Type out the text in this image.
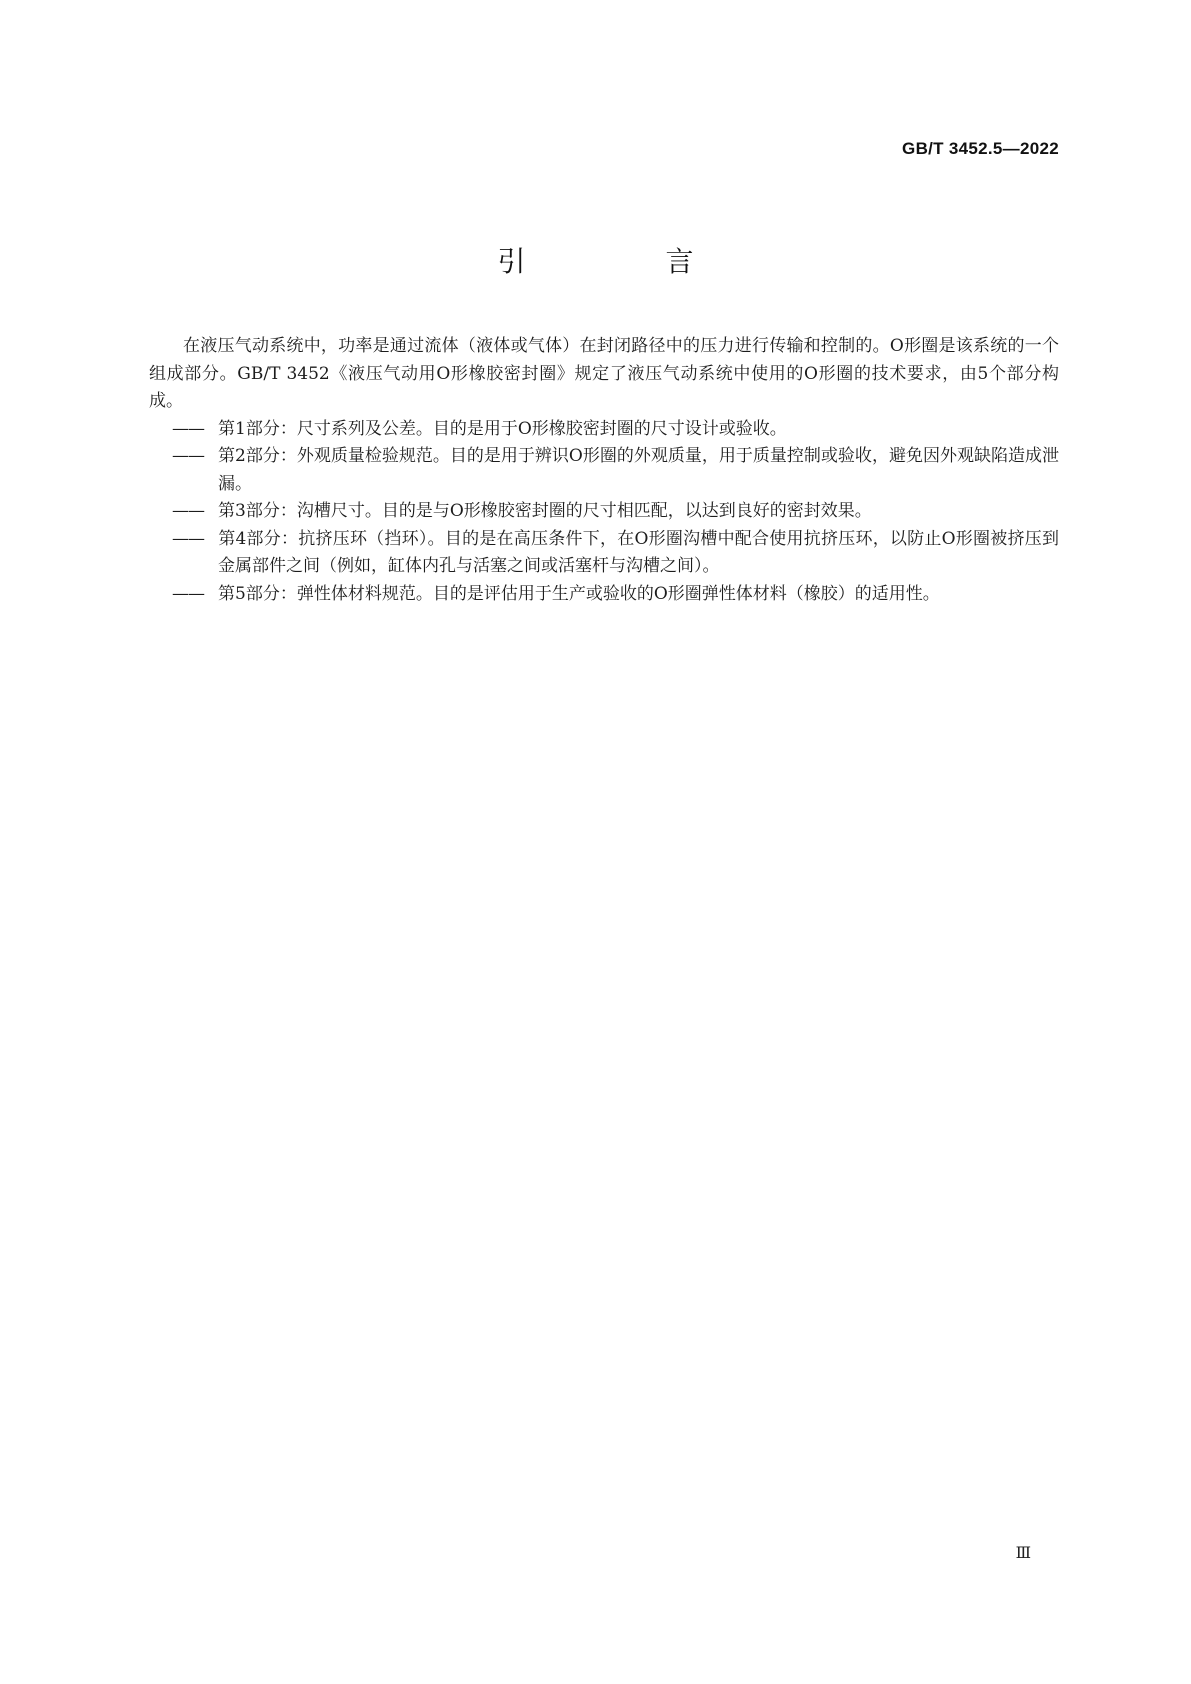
GB/T 3452.5—2022
引　言

在液压气动系统中，功率是通过流体（液体或气体）在封闭路径中的压力进行传输和控制的。O形圈是该系统的一个组成部分。GB/T 3452《液压气动用O形橡胶密封圈》规定了液压气动系统中使用的O形圈的技术要求，由5个部分构成。

—— 第1部分：尺寸系列及公差。目的是用于O形橡胶密封圈的尺寸设计或验收。
—— 第2部分：外观质量检验规范。目的是用于辨识O形圈的外观质量，用于质量控制或验收，避免因外观缺陷造成泄漏。
—— 第3部分：沟槽尺寸。目的是与O形橡胶密封圈的尺寸相匹配，以达到良好的密封效果。
—— 第4部分：抗挤压环（挡环）。目的是在高压条件下，在O形圈沟槽中配合使用抗挤压环，以防止O形圈被挤压到金属部件之间（例如，缸体内孔与活塞之间或活塞杆与沟槽之间）。
—— 第5部分：弹性体材料规范。目的是评估用于生产或验收的O形圈弹性体材料（橡胶）的适用性。
Ⅲ
